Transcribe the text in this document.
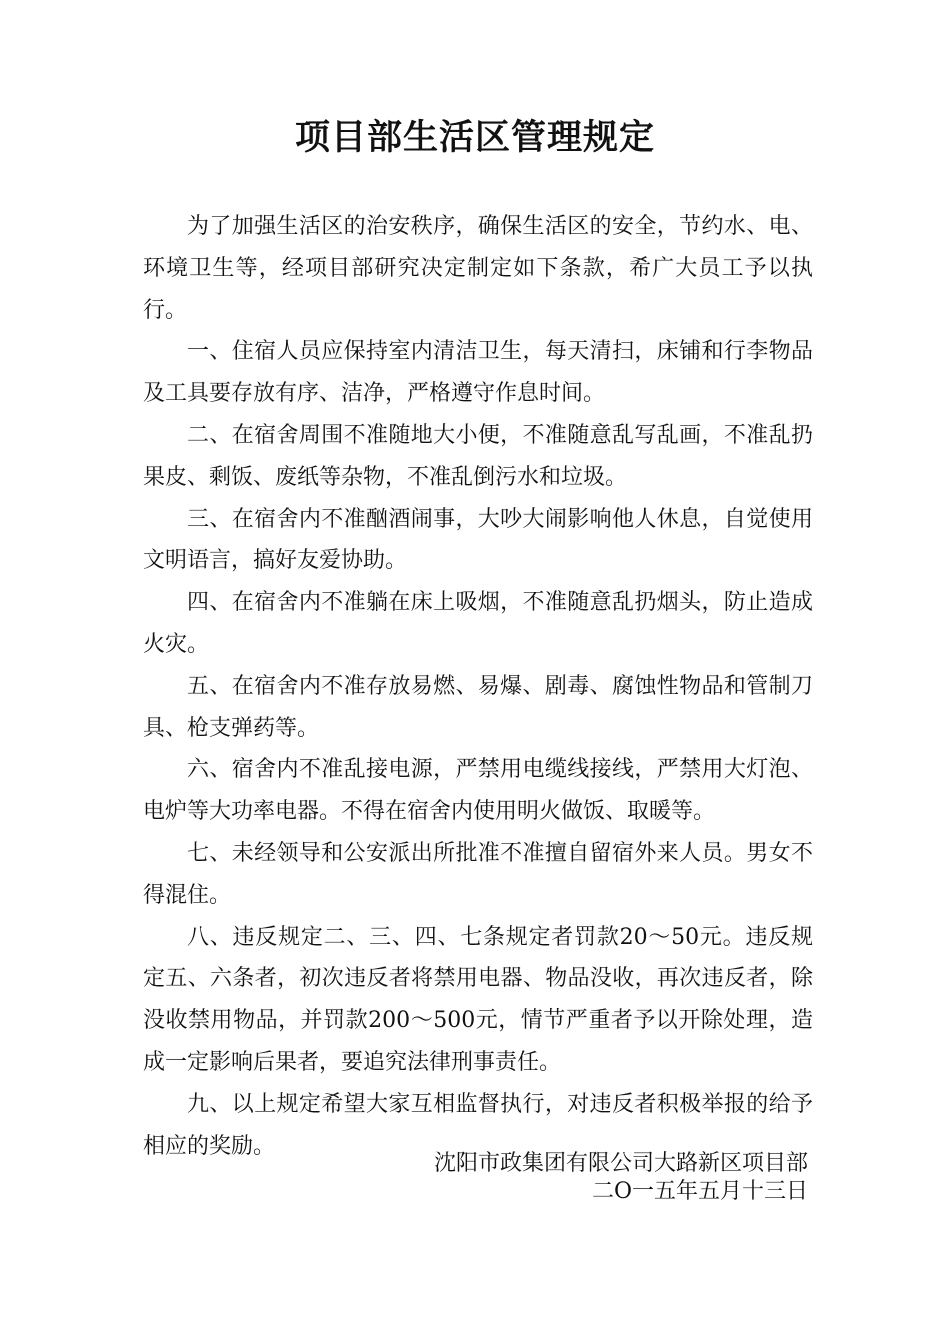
项目部生活区管理规定

为了加强生活区的治安秩序，确保生活区的安全，节约水、电、环境卫生等，经项目部研究决定制定如下条款，希广大员工予以执行。

一、住宿人员应保持室内清洁卫生，每天清扫，床铺和行李物品及工具要存放有序、洁净，严格遵守作息时间。

二、在宿舍周围不准随地大小便，不准随意乱写乱画，不准乱扔果皮、剩饭、废纸等杂物，不准乱倒污水和垃圾。

三、在宿舍内不准酗酒闹事，大吵大闹影响他人休息，自觉使用文明语言，搞好友爱协助。

四、在宿舍内不准躺在床上吸烟，不准随意乱扔烟头，防止造成火灾。

五、在宿舍内不准存放易燃、易爆、剧毒、腐蚀性物品和管制刀具、枪支弹药等。

六、宿舍内不准乱接电源，严禁用电缆线接线，严禁用大灯泡、电炉等大功率电器。不得在宿舍内使用明火做饭、取暖等。

七、未经领导和公安派出所批准不准擅自留宿外来人员。男女不得混住。

八、违反规定二、三、四、七条规定者罚款20～50元。违反规定五、六条者，初次违反者将禁用电器、物品没收，再次违反者，除没收禁用物品，并罚款200～500元，情节严重者予以开除处理，造成一定影响后果者，要追究法律刑事责任。

九、以上规定希望大家互相监督执行，对违反者积极举报的给予相应的奖励。

沈阳市政集团有限公司大路新区项目部
二O一五年五月十三日
